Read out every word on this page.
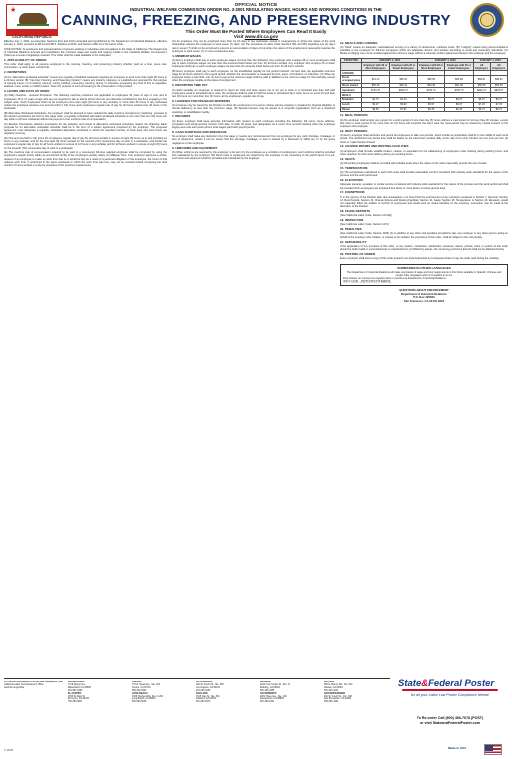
★
CALIFORNIA REPUBLIC
OFFICIAL NOTICE
INDUSTRIAL WELFARE COMMISSION ORDER NO. 3-2001 REGULATING WAGES, HOURS AND WORKING CONDITIONS IN THE
CANNING, FREEZING, AND PRESERVING INDUSTRY
This Order Must Be Posted Where Employees Can Read It Easily
Visit www.dir.ca.gov

Effective July 1, 2002, as amended. Sections 4(A) and 10(C) amended and republished by the Department of Industrial Relations, effective January 1, 2023, pursuant to AB 10 and SB 3, Statutes of 2016, and Section 1182.13 of the Labor Code.

TAKE NOTICE: To employers and representatives of persons working in industries and occupations in the State of California: The Department of Industrial Relations amends and republishes the minimum wage and meals and lodging credits in the Industrial Welfare Commission's Orders as a result of legislation enacted. This Order shall be made available in the workplace.

1. APPLICABILITY OF ORDER

This order shall apply to all persons employed in the canning, freezing, and preserving industry whether paid on a time, piece rate, commission, or other basis, except that:

2. DEFINITIONS

(A) An "alternative workweek schedule" means any regularly scheduled workweek requiring an employee to work more than eight (8) hours in a 24-hour period. (B) "Canning, Freezing, and Preserving Industry" means any industry, business, or establishment operated for the purpose of canning soups, or of cooking, canning, curing, pickling, preserving, freezing, drying, or otherwise processing any kind of fruit or vegetable, seafood, meat, poultry or rabbit product, when the purpose of such processing is the preservation of the product.

3. HOURS AND DAYS OF WORK

(A) Daily Overtime - General Provisions. The following overtime provisions are applicable to employees 18 years of age or over and to employees 16 or 17 years of age who are not required by law to attend school and are not otherwise prohibited by law from engaging in the subject work. Such employees shall not be employed more than eight (8) hours in any workday or more than 40 hours in any workweek unless the employee receives one and one-half (1 1/2) times such employee's regular rate of pay for all hours worked over 40 hours in the workweek.

(B) Alternative Workweek Schedules. No employer shall be deemed to have violated the daily overtime provisions by instituting, pursuant to the election procedures set forth in this wage order, a regularly scheduled alternative workweek schedule of not more than ten (10) hours per day within a 40-hour workweek without the payment of an overtime rate of compensation.

(C) Election Procedures. Election procedures for the adoption and repeal of alternative workweek schedules require the following: Each proposal for an alternative workweek schedule shall be in the form of a written agreement proposed by the employer. The proposed agreement must designate a regularly scheduled alternative workweek in which the specified number of work days and work hours are regularly recurring.

(D) One and one-half (1 1/2) times the employee's regular rate of pay for all hours worked in excess of eight (8) hours up to and including 12 hours in any workday, and for the first eight (8) hours worked on the seventh (7th) consecutive day of work in a workweek; and double the employee's regular rate of pay for all hours worked in excess of 12 hours in any workday and for all hours worked in excess of eight (8) hours on the seventh (7th) consecutive day of work in a workweek.

(E) The overtime rate of compensation required to be paid to a nonexempt full-time salaried employee shall be computed by using the employee's regular hourly salary as one-fortieth (1/40) of the employee's weekly salary. (F) Makeup Time. If an employer approves a written request of an employee to make up work time that is or would be lost as a result of a personal obligation of the employee, the hours of that makeup work time, if performed in the same workweek in which the work time was lost, may not be counted toward computing the total number of hours worked in a day for purposes of the overtime requirements.

(G) An employee may not be employed more than six (6) days in any workweek, except in emergencies or where the nature of the work reasonably requires the employee to work seven (7) days. (H) The provisions of Labor Code Sections 551 and 552 regarding one (1) day's rest in seven (7) shall not be construed to prevent an accumulation of days of rest when the nature of the employment reasonably requires the employee to work seven (7) or more consecutive days.

4. MINIMUM WAGES

(A) Every employer shall pay to each employee wages not less than the following: Any employer who employs 26 or more employees shall pay to each employee wages not less than the amounts listed below per hour for all hours worked. Any employer who employs 25 or fewer employees shall pay to each employee wages not less than the amounts listed below per hour for all hours worked.

(B) Every employer shall pay to each employee, on the established payday for the period involved, not less than the applicable minimum wage for all hours worked in the payroll period, whether the remuneration is measured by time, piece, commission, or otherwise. (C) When an employee works a split shift, one (1) hour's pay at the minimum wage shall be paid in addition to the minimum wage for that workday, except when the employee resides at the place of employment.

5. REPORTING TIME PAY

(A) Each workday an employee is required to report for work and does report, but is not put to work or is furnished less than half said employee's usual or scheduled day's work, the employee shall be paid for half the usual or scheduled day's work, but in no event for less than two (2) hours nor more than four (4) hours, at the employee's regular rate of pay.

6. LICENSES FOR DISABLED WORKERS

(A) A license may be issued by the Division to allow the employment of a person whose earning capacity is impaired by physical disability or mental deficiency at less than the minimum wage. (B) Special licenses may be issued to a nonprofit organization such as a sheltered workshop or rehabilitation facility.

7. RECORDS

(A) Every employer shall keep accurate information with respect to each employee including the following: full name, home address, occupation and social security number; birth date, if under 18 years, and designation as a minor; time records showing when the employee begins and ends each work period; total wages paid each payroll period.

8. CASH SHORTAGE AND BREAKAGE

No employer shall make any deduction from the wage or require any reimbursement from an employee for any cash shortage, breakage, or loss of equipment, unless it can be shown that the shortage, breakage, or loss is caused by a dishonest or willful act, or by the gross negligence of the employee.

9. UNIFORMS AND EQUIPMENT

(A) When uniforms are required by the employer to be worn by the employee as a condition of employment, such uniforms shall be provided and maintained by the employer. (B) When tools or equipment are required by the employer or are necessary to the performance of a job, such tools and equipment shall be provided and maintained by the employer.

10. MEALS AND LODGING

(A) "Meal" means an adequate, well-balanced serving of a variety of wholesome, nutritious foods. (B) "Lodging" means living accommodations available to the employee for full-time occupancy which are adequate, decent, and sanitary according to usual and customary standards. (C) Meals or lodging may not be credited against the minimum wage without a voluntary written agreement between the employer and the employee.

EFFECTIVE	JANUARY 1, 2022		JANUARY 1, 2023		JANUARY 1, 2024	
	Employer with 26 or More Employees	Employer with 25 or Fewer Employees	Employer with 26 or More Employees	Employer with 25 or Fewer Employees	All Employers	All Employers
LODGING						
Room occupied alone	$61.13	$55.04	$65.89	$65.89	$68.51	$68.51
Room shared	$50.46	$45.42	$54.38	$54.38	$56.55	$56.55
Apartment	$733.75	$660.27	$790.73	$790.73	$822.07	$822.07
MEALS						
Breakfast	$4.70	$4.23	$5.07	$5.07	$5.27	$5.27
Lunch	$6.47	$5.82	$6.97	$6.97	$7.25	$7.25
Dinner	$8.68	$7.81	$9.35	$9.35	$9.72	$9.72
11. MEAL PERIODS

(A) No employer shall employ any person for a work period of more than five (5) hours without a meal period of not less than 30 minutes, except that when a work period of not more than six (6) hours will complete the day's work the meal period may be waived by mutual consent of the employer and employee.

12. REST PERIODS

(A) Every employer shall authorize and permit all employees to take rest periods, which insofar as practicable shall be in the middle of each work period. The authorized rest period time shall be based on the total hours worked daily at the rate of ten (10) minutes net rest time per four (4) hours or major fraction thereof.

13. CHANGE ROOMS AND RESTING FACILITIES

(A) Employers shall provide suitable lockers, closets, or equivalent for the safekeeping of employees' outer clothing during working hours, and when required, for their work clothing during non-working hours.

14. SEATS

(A) All working employees shall be provided with suitable seats when the nature of the work reasonably permits the use of seats.

15. TEMPERATURE

(A) The temperature maintained in each work area shall provide reasonable comfort consistent with industry-wide standards for the nature of the process and the work performed.

16. ELEVATORS

Adequate elevator, escalator or similar service consistent with industry-wide standards for the nature of the process and the work performed shall be provided when employees are employed four floors or more above or below ground level.

17. EXEMPTIONS

If, in the opinion of the Division after due investigation, it is found that the enforcement of any provision contained in Section 7, Records; Section 12, Rest Periods; Section 13, Change Rooms and Resting Facilities; Section 14, Seats; Section 15, Temperature; or Section 16, Elevators, would not materially affect the welfare or comfort of employees and would work an undue hardship on the employer, exemption may be made at the discretion of the Division.

18. FILING REPORTS

(See California Labor Code, Section 1174(a))

19. INSPECTION

(See California Labor Code, Section 1174)

20. PENALTIES

(See California Labor Code, Section 1199) (A) In addition to any other civil penalties provided by law, any employer or any other person acting on behalf of the employer who violates, or causes to be violated, the provisions of this order, shall be subject to the civil penalty.

21. SEPARABILITY

If the application of any provision of this order, or any section, subsection, subdivision, sentence, clause, phrase, word, or portion of this order should be held invalid or unconstitutional or unauthorized or prohibited by statute, the remaining provisions thereof shall not be affected thereby.

22. POSTING OF ORDER

Every employer shall keep a copy of this order posted in an area frequented by employees where it may be easily read during the workday.

SUMMARIES IN OTHER LANGUAGES
The Department of Industrial Relations will make summaries of wage and hour requirements in this Order available in Spanish, Chinese and certain other languages when it is feasible to do so.
Para obtener un resumen en español, llame o escriba a la Department of Industrial Relations.
索取中文摘要，請致電或寫信至勞資關係部。
QUESTIONS ABOUT ENFORCEMENT
Department of Industrial Relations
P.O. Box 420603
San Francisco, CA 94142-0603
For further information or to file your complaints, visit
California Labor Commissioner's Office
www.dir.ca.gov/dlse
BAKERSFIELD
7718 Meany Ave.
Bakersfield, CA 93308
661-587-3060
EL CENTRO
1550 W. Main St.
El Centro, CA 92243
760-353-0607
FRESNO
770 E. Shaw Ave., Ste. 222
Fresno, CA 93710
559-244-5340
LONG BEACH
1500 Hughes Way, Ste. C-202
Long Beach, CA 90810
562-590-5048
LOS ANGELES
320 W. Fourth St., Ste. 450
Los Angeles, CA 90013
213-620-6330
OAKLAND
1515 Clay St., Ste. 801
Oakland, CA 94612
510-622-3273
REDDING
2115 Civic Center Dr., Rm. 17
Redding, CA 96001
530-225-2655
SACRAMENTO
2031 Howe Ave., Ste. 100
Sacramento, CA 95825
916-263-1811
SALINAS
950 E. Blanco Rd., Ste. 204
Salinas, CA 93901
831-443-3041
SAN BERNARDINO
464 W. Fourth St., Rm. 348
San Bernardino, CA 92401
909-383-4334
State&Federal Poster
for all your Labor Law Poster Compliance Needs!
To Re-order Call (800) 466-7678 (POST)
or visit StateandFederalPoster.com
© 2023	Made in USA
